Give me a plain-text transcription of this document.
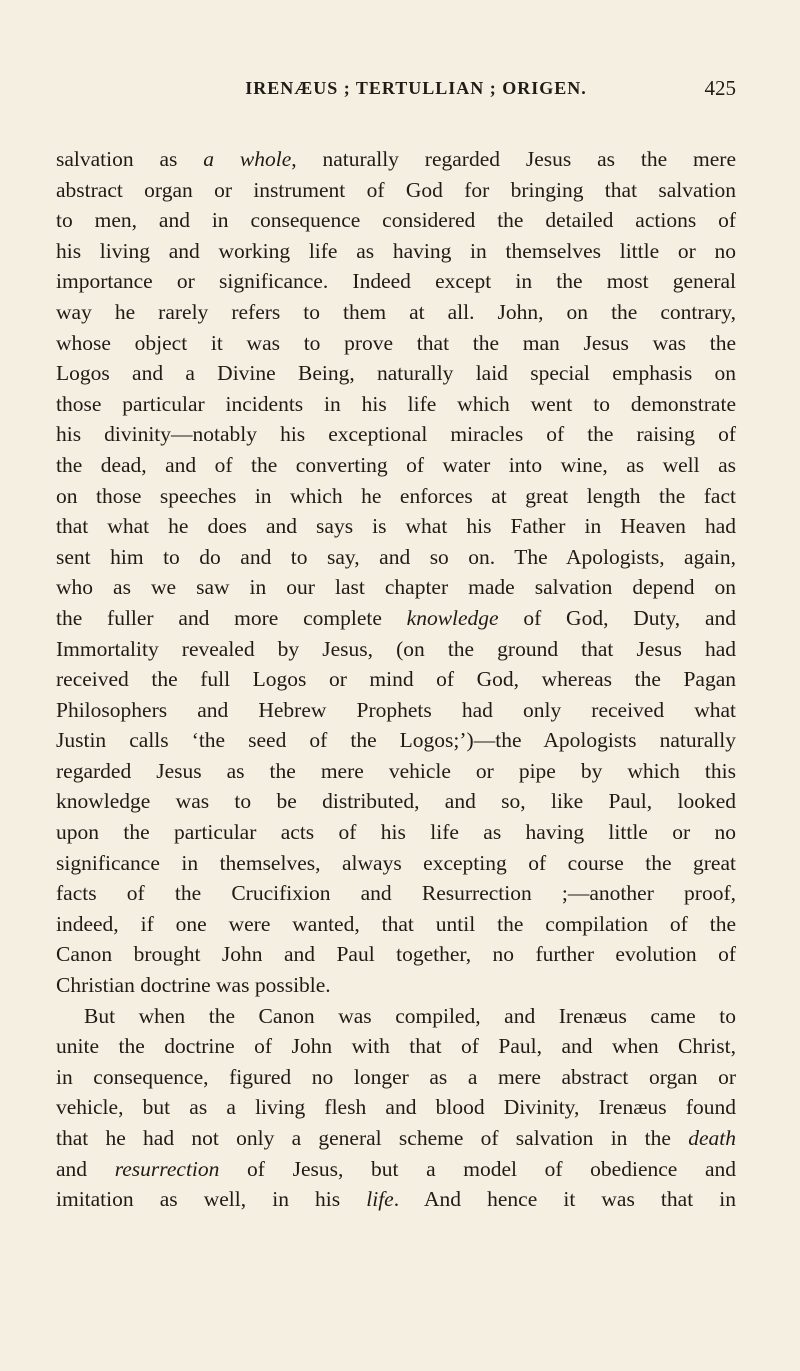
IRENÆUS ; TERTULLIAN ; ORIGEN.	425
salvation as a whole, naturally regarded Jesus as the mere
abstract organ or instrument of God for bringing that salvation
to men, and in consequence considered the detailed actions of
his living and working life as having in themselves little or no
importance or significance. Indeed except in the most general
way he rarely refers to them at all. John, on the contrary,
whose object it was to prove that the man Jesus was the
Logos and a Divine Being, naturally laid special emphasis on
those particular incidents in his life which went to demonstrate
his divinity—notably his exceptional miracles of the raising of
the dead, and of the converting of water into wine, as well as
on those speeches in which he enforces at great length the fact
that what he does and says is what his Father in Heaven had
sent him to do and to say, and so on. The Apologists, again,
who as we saw in our last chapter made salvation depend on
the fuller and more complete knowledge of God, Duty, and
Immortality revealed by Jesus, (on the ground that Jesus had
received the full Logos or mind of God, whereas the Pagan
Philosophers and Hebrew Prophets had only received what
Justin calls ‘the seed of the Logos;’)—the Apologists naturally
regarded Jesus as the mere vehicle or pipe by which this
knowledge was to be distributed, and so, like Paul, looked
upon the particular acts of his life as having little or no
significance in themselves, always excepting of course the great
facts of the Crucifixion and Resurrection ;—another proof,
indeed, if one were wanted, that until the compilation of the
Canon brought John and Paul together, no further evolution of
Christian doctrine was possible.
But when the Canon was compiled, and Irenæus came to
unite the doctrine of John with that of Paul, and when Christ,
in consequence, figured no longer as a mere abstract organ or
vehicle, but as a living flesh and blood Divinity, Irenæus found
that he had not only a general scheme of salvation in the death
and resurrection of Jesus, but a model of obedience and
imitation as well, in his life. And hence it was that in
